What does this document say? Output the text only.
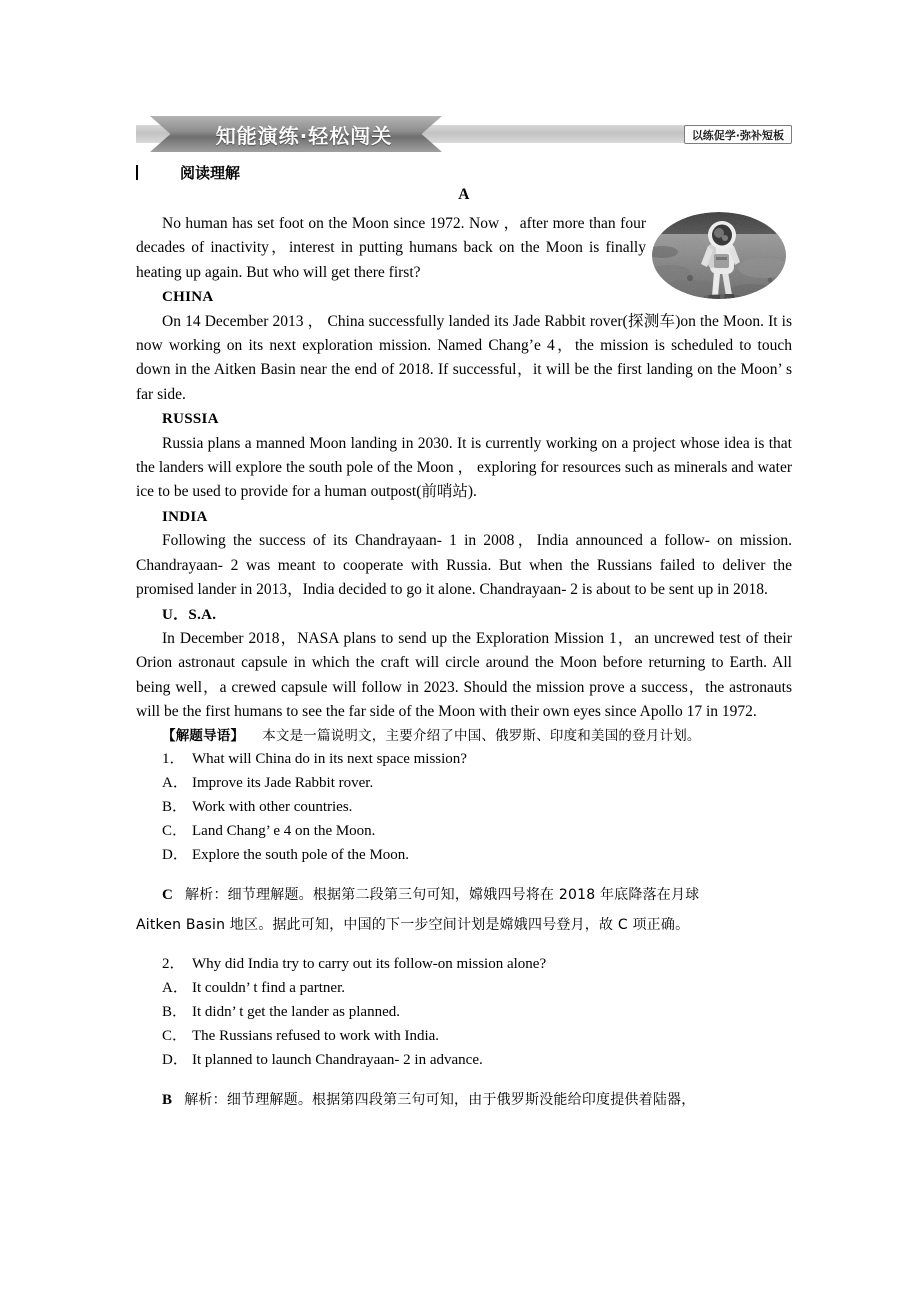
知能演练·轻松闯关	以练促学·弥补短板
阅读理解
A

No human has set foot on the Moon since 1972. Now ，after more than four decades of inactivity，interest in putting humans back on the Moon is finally heating up again. But who will get there first?

CHINA

On 14 December 2013 ， China successfully landed its Jade Rabbit rover(探测车)on the Moon. It is now working on its next exploration mission. Named Chang’e 4，the mission is scheduled to touch down in the Aitken Basin near the end of 2018. If successful，it will be the first landing on the Moon’ s far side.

RUSSIA

Russia plans a manned Moon landing in 2030. It is currently working on a project whose idea is that the landers will explore the south pole of the Moon ， exploring for resources such as minerals and water ice to be used to provide for a human outpost(前哨站).

INDIA

Following the success of its Chandrayaan- 1 in 2008，India announced a follow- on mission. Chandrayaan- 2 was meant to cooperate with Russia. But when the Russians failed to deliver the promised lander in 2013，India decided to go it alone. Chandrayaan- 2 is about to be sent up in 2018.

U．S.A.

In December 2018，NASA plans to send up the Exploration Mission 1，an uncrewed test of their Orion astronaut capsule in which the craft will circle around the Moon before returning to Earth. All being well，a crewed capsule will follow in 2023. Should the mission prove a success，the astronauts will be the first humans to see the far side of the Moon with their own eyes since Apollo 17 in 1972.

【解题导语】 本文是一篇说明文，主要介绍了中国、俄罗斯、印度和美国的登月计划。

1． What will China do in its next space mission?

A． Improve its Jade Rabbit rover.

B． Work with other countries.

C． Land Chang’ e 4 on the Moon.

D． Explore the south pole of the Moon.

C 解析：细节理解题。根据第二段第三句可知，嫦娥四号将在 2018 年底降落在月球

Aitken Basin 地区。据此可知，中国的下一步空间计划是嫦娥四号登月，故 C 项正确。

2． Why did India try to carry out its follow-on mission alone?

A． It couldn’ t find a partner.

B． It didn’ t get the lander as planned.

C． The Russians refused to work with India.

D． It planned to launch Chandrayaan- 2 in advance.

B 解析：细节理解题。根据第四段第三句可知，由于俄罗斯没能给印度提供着陆器，
